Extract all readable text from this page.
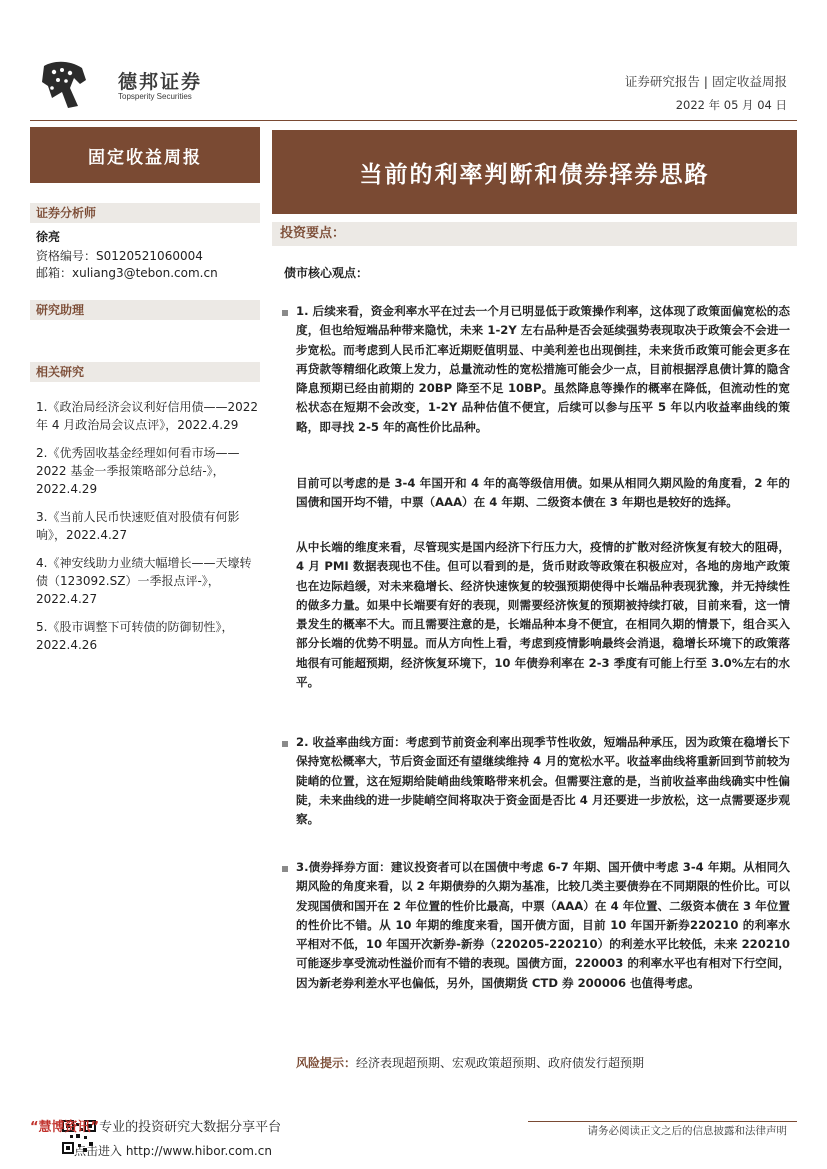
德邦证券
Topsperity Securities
证券研究报告 | 固定收益周报
2022 年 05 月 04 日
固定收益周报
当前的利率判断和债券择券思路
证券分析师
徐亮
资格编号：S0120521060004
邮箱：xuliang3@tebon.com.cn
研究助理
相关研究
1.《政治局经济会议利好信用债——2022 年 4 月政治局会议点评》，2022.4.29
2.《优秀固收基金经理如何看市场——2022 基金一季报策略部分总结-》，2022.4.29
3.《当前人民币快速贬值对股债有何影响》，2022.4.27
4.《神安线助力业绩大幅增长——天壕转债（123092.SZ）一季报点评-》，2022.4.27
5.《股市调整下可转债的防御韧性》，2022.4.26
投资要点：
债市核心观点：
1. 后续来看，资金利率水平在过去一个月已明显低于政策操作利率，这体现了政策面偏宽松的态度，但也给短端品种带来隐忧，未来 1-2Y 左右品种是否会延续强势表现取决于政策会不会进一步宽松。而考虑到人民币汇率近期贬值明显、中美利差也出现倒挂，未来货币政策可能会更多在再贷款等精细化政策上发力，总量流动性的宽松措施可能会少一点，目前根据浮息债计算的隐含降息预期已经由前期的 20BP 降至不足 10BP。虽然降息等操作的概率在降低，但流动性的宽松状态在短期不会改变，1-2Y 品种估值不便宜，后续可以参与压平 5 年以内收益率曲线的策略，即寻找 2-5 年的高性价比品种。
目前可以考虑的是 3-4 年国开和 4 年的高等级信用债。如果从相同久期风险的角度看，2 年的国债和国开均不错，中票（AAA）在 4 年期、二级资本债在 3 年期也是较好的选择。
从中长端的维度来看，尽管现实是国内经济下行压力大，疫情的扩散对经济恢复有较大的阻碍，4 月 PMI 数据表现也不佳。但可以看到的是，货币财政等政策在积极应对，各地的房地产政策也在边际趋缓，对未来稳增长、经济快速恢复的较强预期使得中长端品种表现犹豫，并无持续性的做多力量。如果中长端要有好的表现，则需要经济恢复的预期被持续打破，目前来看，这一情景发生的概率不大。而且需要注意的是，长端品种本身不便宜，在相同久期的情景下，组合买入部分长端的优势不明显。而从方向性上看，考虑到疫情影响最终会消退，稳增长环境下的政策落地很有可能超预期，经济恢复环境下，10 年债券利率在 2-3 季度有可能上行至 3.0%左右的水平。
2. 收益率曲线方面：考虑到节前资金利率出现季节性收敛，短端品种承压，因为政策在稳增长下保持宽松概率大，节后资金面还有望继续维持 4 月的宽松水平。收益率曲线将重新回到节前较为陡峭的位置，这在短期给陡峭曲线策略带来机会。但需要注意的是，当前收益率曲线确实中性偏陡，未来曲线的进一步陡峭空间将取决于资金面是否比 4 月还要进一步放松，这一点需要逐步观察。
3.债券择券方面：建议投资者可以在国债中考虑 6-7 年期、国开债中考虑 3-4 年期。从相同久期风险的角度来看，以 2 年期债券的久期为基准，比较几类主要债券在不同期限的性价比。可以发现国债和国开在 2 年位置的性价比最高，中票（AAA）在 4 年位置、二级资本债在 3 年位置的性价比不错。从 10 年期的维度来看，国开债方面，目前 10 年国开新券220210 的利率水平相对不低，10 年国开次新券-新券（220205-220210）的利差水平比较低，未来 220210 可能逐步享受流动性溢价而有不错的表现。国债方面，220003 的利率水平也有相对下行空间，因为新老券利差水平也偏低，另外，国债期货 CTD 券 200006 也值得考虑。
风险提示：经济表现超预期、宏观政策超预期、政府债发行超预期
“慧博资讯”专业的投资研究大数据分享平台
点击进入 http://www.hibor.com.cn
请务必阅读正文之后的信息披露和法律声明
